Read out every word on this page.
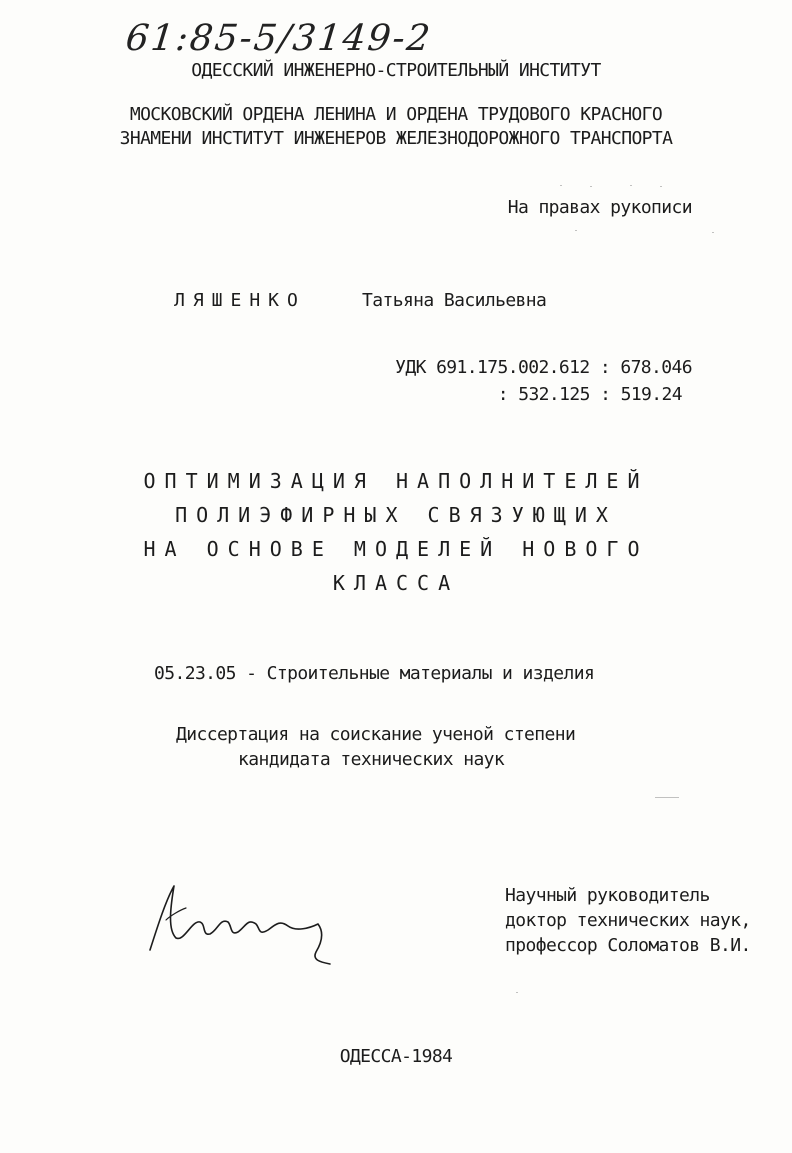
61:85-5/3149-2
ОДЕССКИЙ ИНЖЕНЕРНО-СТРОИТЕЛЬНЫЙ ИНСТИТУТ
МОСКОВСКИЙ ОРДЕНА ЛЕНИНА И ОРДЕНА ТРУДОВОГО КРАСНОГО
ЗНАМЕНИ ИНСТИТУТ ИНЖЕНЕРОВ ЖЕЛЕЗНОДОРОЖНОГО ТРАНСПОРТА
На правах рукописи
ЛЯШЕНКО	Татьяна Васильевна
УДК 691.175.002.612 : 678.046
: 532.125 : 519.24
ОПТИМИЗАЦИЯ НАПОЛНИТЕЛЕЙ
ПОЛИЭФИРНЫХ СВЯЗУЮЩИХ
НА ОСНОВЕ МОДЕЛЕЙ НОВОГО
КЛАССА
05.23.05 - Строительные материалы и изделия
Диссертация на соискание ученой степени
кандидата технических наук
Научный руководитель
доктор технических наук,
профессор Соломатов В.И.
ОДЕССА-1984
